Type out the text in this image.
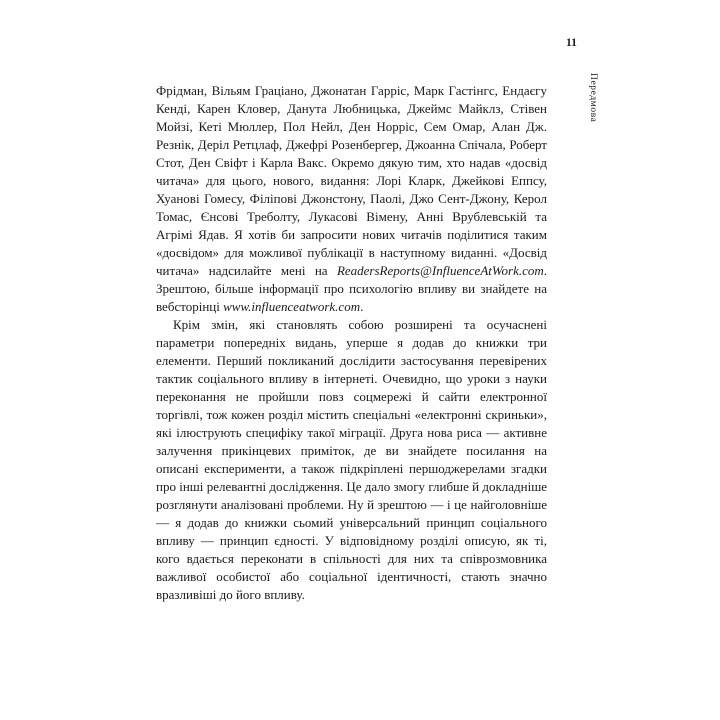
11
Передмова

Фрідман, Вільям Граціано, Джонатан Гарріс, Марк Гастінгс, Ендаєгу Кенді, Карен Кловер, Данута Любницька, Джеймс Майклз, Стівен Мойзі, Кеті Мюллер, Пол Нейл, Ден Норріс, Сем Омар, Алан Дж. Резнік, Деріл Ретцлаф, Джефрі Розенбергер, Джоанна Спічала, Роберт Стот, Ден Свіфт і Карла Вакс. Окремо дякую тим, хто надав «досвід читача» для цього, нового, видання: Лорі Кларк, Джейкові Еппсу, Хуанові Гомесу, Філіпові Джонстону, Паолі, Джо Сент-Джону, Керол Томас, Єнсові Треболту, Лукасові Вімену, Анні Врублевській та Агрімі Ядав. Я хотів би запросити нових читачів поділитися таким «досвідом» для можливої публікації в наступному виданні. «Досвід читача» надсилайте мені на ReadersReports@InfluenceAtWork.com. Зрештою, більше інформації про психологію впливу ви знайдете на вебсторінці www.influenceatwork.com.

Крім змін, які становлять собою розширені та осучаснені параметри попередніх видань, уперше я додав до книжки три елементи. Перший покликаний дослідити застосування перевірених тактик соціального впливу в інтернеті. Очевидно, що уроки з науки переконання не пройшли повз соцмережі й сайти електронної торгівлі, тож кожен розділ містить спеціальні «електронні скриньки», які ілюструють специфіку такої міграції. Друга нова риса — активне залучення прикінцевих приміток, де ви знайдете посилання на описані експерименти, а також підкріплені першоджерелами згадки про інші релевантні дослідження. Це дало змогу глибше й докладніше розглянути аналізовані проблеми. Ну й зрештою — і це найголовніше — я додав до книжки сьомий універсальний принцип соціального впливу — принцип єдності. У відповідному розділі описую, як ті, кого вдається переконати в спільності для них та співрозмовника важливої особистої або соціальної ідентичності, стають значно вразливіші до його впливу.
